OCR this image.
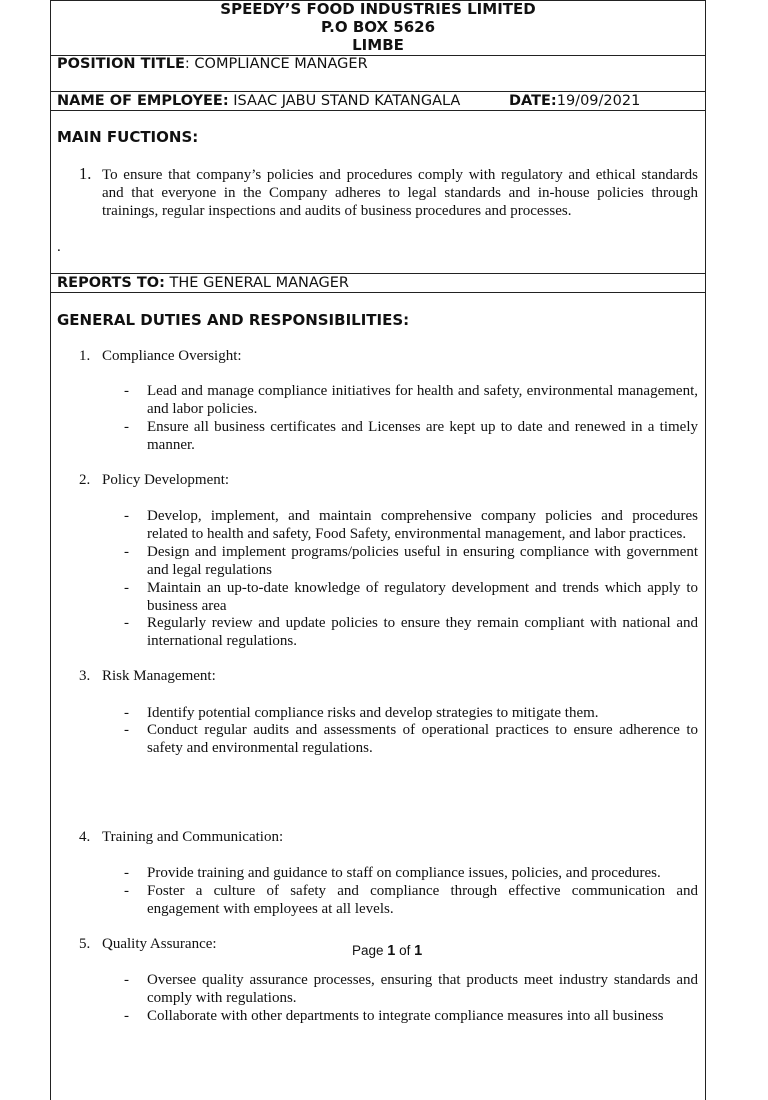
SPEEDY’S FOOD INDUSTRIES LIMITED
P.O BOX 5626
LIMBE
POSITION TITLE: COMPLIANCE MANAGER
NAME OF EMPLOYEE: ISAAC JABU STAND KATANGALA	DATE:19/09/2021
MAIN FUCTIONS:
1. To ensure that company’s policies and procedures comply with regulatory and ethical standards and that everyone in the Company adheres to legal standards and in-house policies through trainings, regular inspections and audits of business procedures and processes.
.
REPORTS TO: THE GENERAL MANAGER
GENERAL DUTIES AND RESPONSIBILITIES:
1. Compliance Oversight:
- Lead and manage compliance initiatives for health and safety, environmental management, and labor policies.
- Ensure all business certificates and Licenses are kept up to date and renewed in a timely manner.
2. Policy Development:
- Develop, implement, and maintain comprehensive company policies and procedures related to health and safety, Food Safety, environmental management, and labor practices.
- Design and implement programs/policies useful in ensuring compliance with government and legal regulations
- Maintain an up-to-date knowledge of regulatory development and trends which apply to business area
- Regularly review and update policies to ensure they remain compliant with national and international regulations.
3. Risk Management:
- Identify potential compliance risks and develop strategies to mitigate them.
- Conduct regular audits and assessments of operational practices to ensure adherence to safety and environmental regulations.
4. Training and Communication:
- Provide training and guidance to staff on compliance issues, policies, and procedures.
- Foster a culture of safety and compliance through effective communication and engagement with employees at all levels.
5. Quality Assurance:
- Oversee quality assurance processes, ensuring that products meet industry standards and comply with regulations.
- Collaborate with other departments to integrate compliance measures into all business
Page 1 of 1
